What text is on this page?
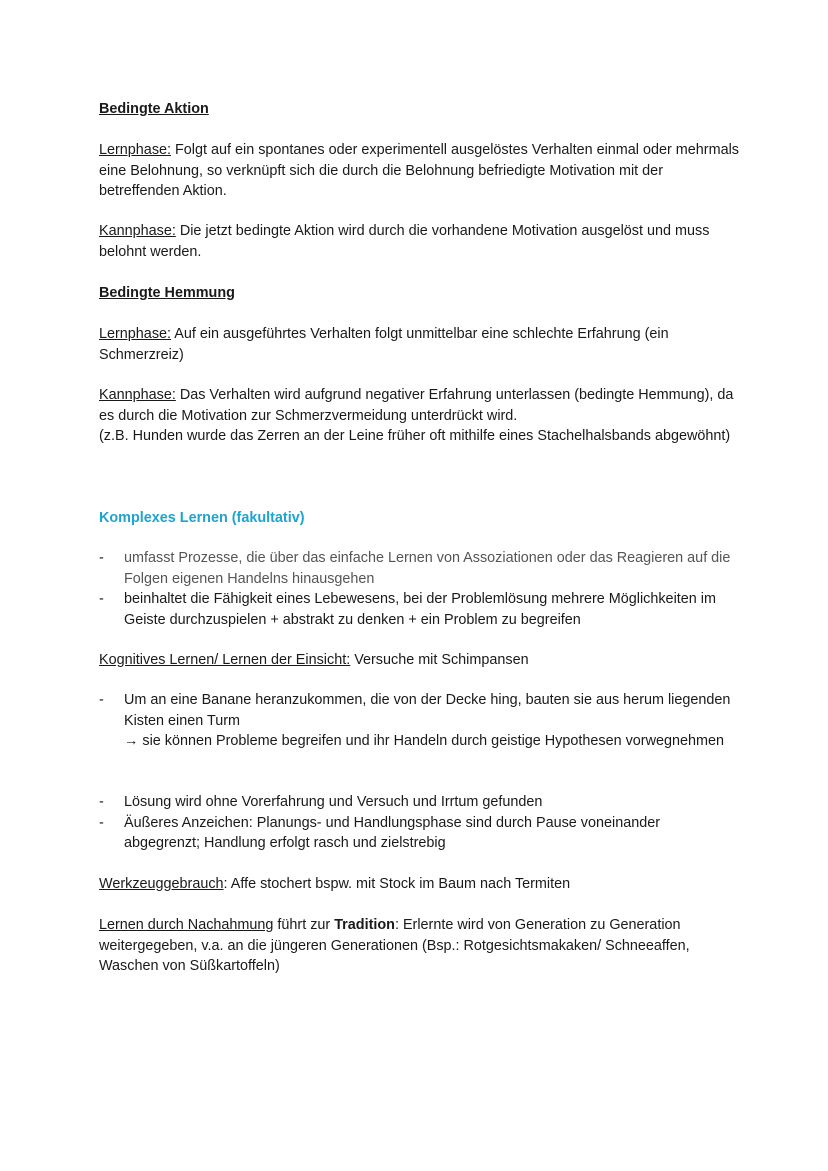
Bedingte Aktion

Lernphase: Folgt auf ein spontanes oder experimentell ausgelöstes Verhalten einmal oder mehrmals eine Belohnung, so verknüpft sich die durch die Belohnung befriedigte Motivation mit der betreffenden Aktion.

Kannphase: Die jetzt bedingte Aktion wird durch die vorhandene Motivation ausgelöst und muss belohnt werden.

Bedingte Hemmung

Lernphase: Auf ein ausgeführtes Verhalten folgt unmittelbar eine schlechte Erfahrung (ein Schmerzreiz)

Kannphase: Das Verhalten wird aufgrund negativer Erfahrung unterlassen (bedingte Hemmung), da es durch die Motivation zur Schmerzvermeidung unterdrückt wird.
(z.B. Hunden wurde das Zerren an der Leine früher oft mithilfe eines Stachelhalsbands abgewöhnt)

Komplexes Lernen (fakultativ)

- umfasst Prozesse, die über das einfache Lernen von Assoziationen oder das Reagieren auf die Folgen eigenen Handelns hinausgehen
- beinhaltet die Fähigkeit eines Lebewesens, bei der Problemlösung mehrere Möglichkeiten im Geiste durchzuspielen + abstrakt zu denken + ein Problem zu begreifen

Kognitives Lernen/ Lernen der Einsicht: Versuche mit Schimpansen

- Um an eine Banane heranzukommen, die von der Decke hing, bauten sie aus herum liegenden Kisten einen Turm
→ sie können Probleme begreifen und ihr Handeln durch geistige Hypothesen vorwegnehmen
- Lösung wird ohne Vorerfahrung und Versuch und Irrtum gefunden
- Äußeres Anzeichen: Planungs- und Handlungsphase sind durch Pause voneinander abgegrenzt; Handlung erfolgt rasch und zielstrebig

Werkzeuggebrauch: Affe stochert bspw. mit Stock im Baum nach Termiten

Lernen durch Nachahmung führt zur Tradition: Erlernte wird von Generation zu Generation weitergegeben, v.a. an die jüngeren Generationen (Bsp.: Rotgesichtsmakaken/ Schneeaffen, Waschen von Süßkartoffeln)
